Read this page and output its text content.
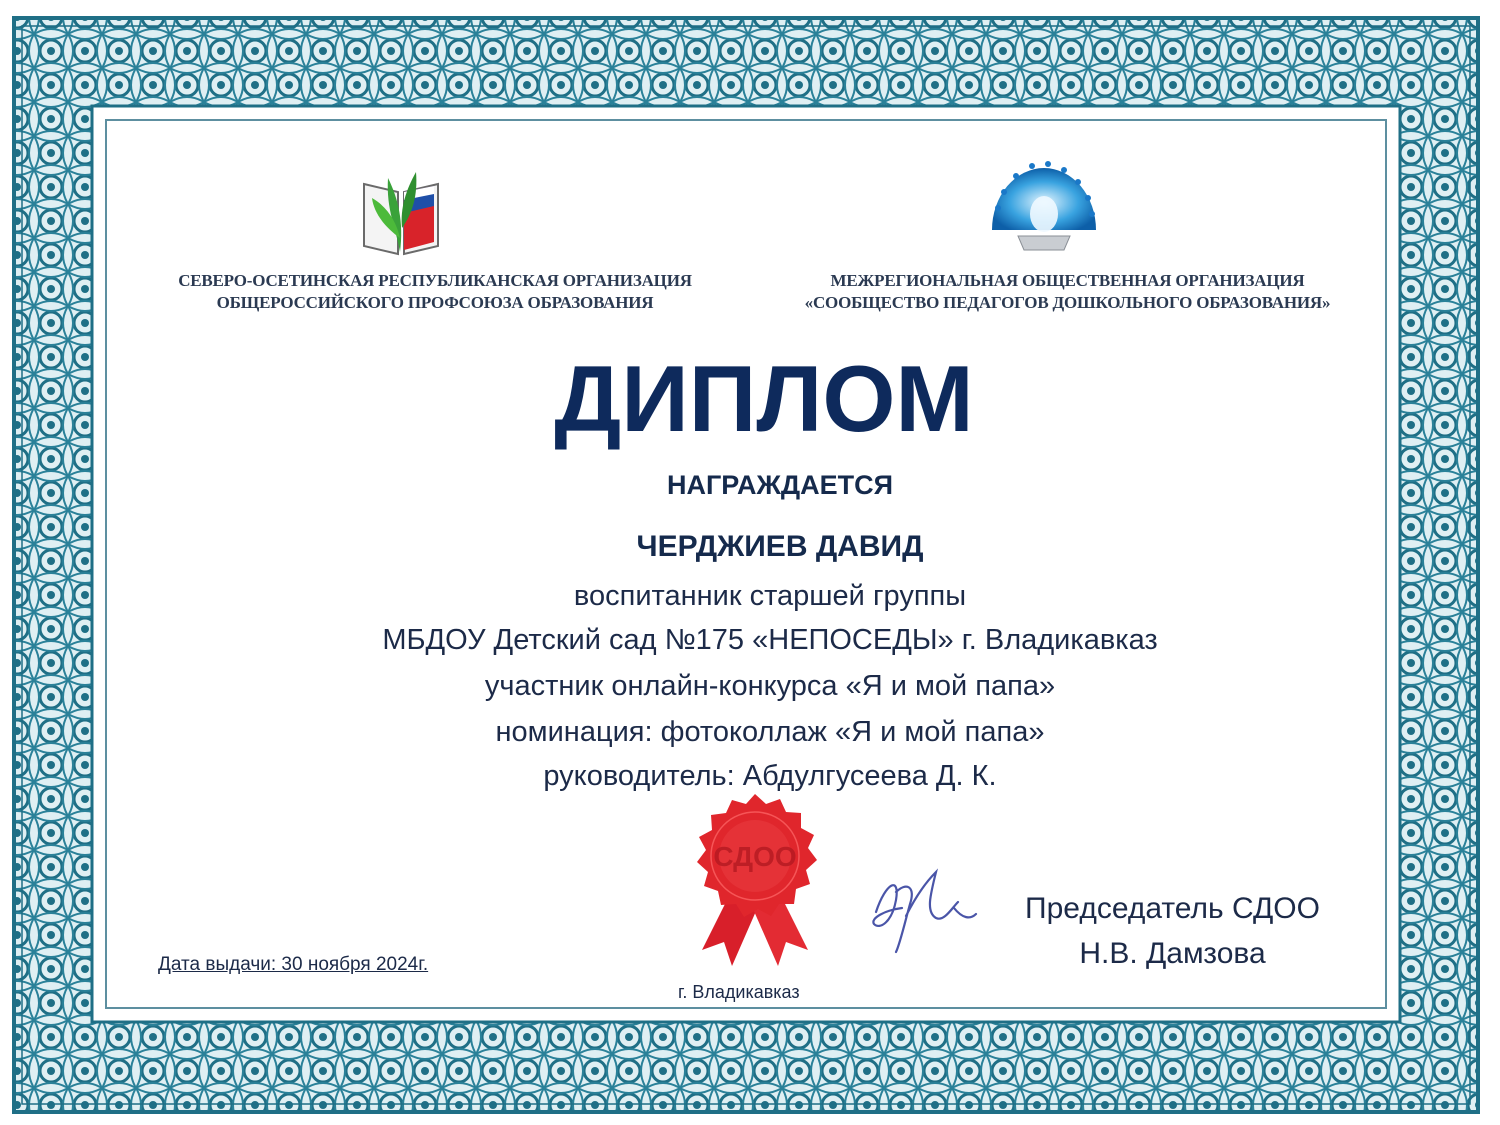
СЕВЕРО-ОСЕТИНСКАЯ РЕСПУБЛИКАНСКАЯ ОРГАНИЗАЦИЯ
ОБЩЕРОССИЙСКОГО ПРОФСОЮЗА ОБРАЗОВАНИЯ
МЕЖРЕГИОНАЛЬНАЯ ОБЩЕСТВЕННАЯ ОРГАНИЗАЦИЯ
«СООБЩЕСТВО ПЕДАГОГОВ ДОШКОЛЬНОГО ОБРАЗОВАНИЯ»
ДИПЛОМ
НАГРАЖДАЕТСЯ
ЧЕРДЖИЕВ ДАВИД
воспитанник старшей группы
МБДОУ Детский сад №175 «НЕПОСЕДЫ» г. Владикавказ
участник онлайн-конкурса «Я и мой папа»
номинация: фотоколлаж «Я и мой папа»
руководитель: Абдулгусеева Д. К.
СДОО
Дата выдачи: 30 ноября 2024г.
г. Владикавказ
Председатель СДОО
Н.В. Дамзова
